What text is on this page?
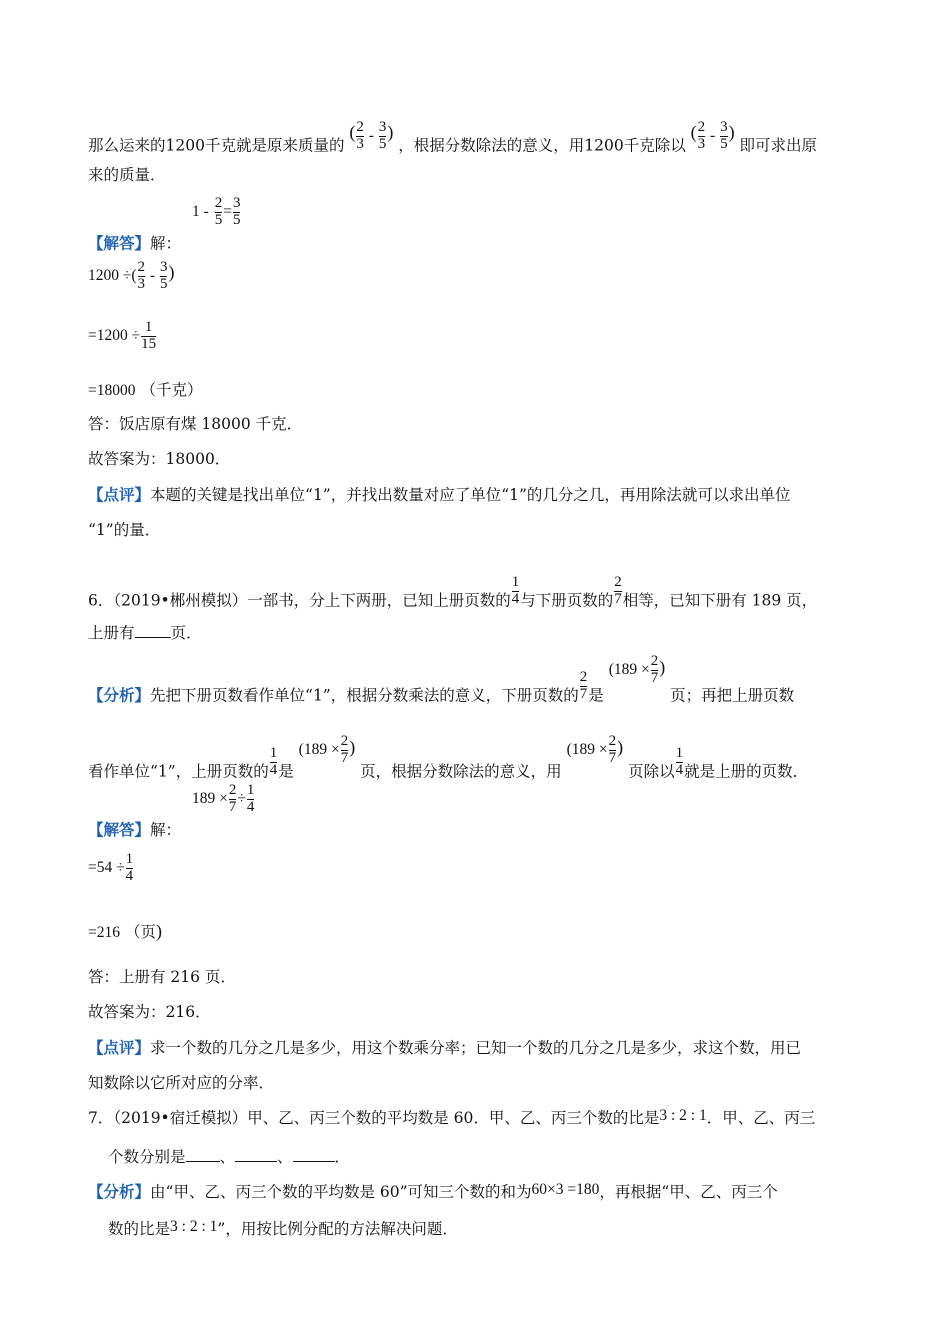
那么运来的1200千克就是原来质量的 ( $\frac{2}{3} - \frac{3}{5}$ ) ，根据分数除法的意义，用1200千克除以 ( $\frac{2}{3} - \frac{3}{5}$ ) 即可求出原
来的质量．
【解答】解： $1 - \frac{2}{5} = \frac{3}{5}$
1200 ÷( $\frac{2}{3} - \frac{3}{5}$ )
$=1200 \div \frac{1}{15}$
=18000 （千克）
答：饭店原有煤 18000 千克．
故答案为：18000．
【点评】本题的关键是找出单位“1”，并找出数量对应了单位“1”的几分之几，再用除法就可以求出单位
“1”的量．
6．（2019•郴州模拟）一部书，分上下两册，已知上册页数的 $\frac{1}{4}$ 与下册页数的 $\frac{2}{7}$ 相等，已知下册有 189 页，
上册有 页．
【分析】先把下册页数看作单位“1”，根据分数乘法的意义，下册页数的 $\frac{2}{7}$ 是 ($189 \times \frac{2}{7}$ ) 页；再把上册页数
看作单位“1”，上册页数的 $\frac{1}{4}$ 是 ($189 \times \frac{2}{7}$ ) 页，根据分数除法的意义，用 ($189 \times \frac{2}{7}$ ) 页除以 $\frac{1}{4}$ 就是上册的页数．
【解答】解： $189 \times \frac{2}{7} \div \frac{1}{4}$
$=54 \div \frac{1}{4}$
=216 （页)
答：上册有 216 页．
故答案为：216．
【点评】求一个数的几分之几是多少，用这个数乘分率；已知一个数的几分之几是多少，求这个数，用已
知数除以它所对应的分率．
7．（2019•宿迁模拟）甲、乙、丙三个数的平均数是 60．甲、乙、丙三个数的比是3 : 2 : 1．甲、乙、丙三
个数分别是 、	、	．
【分析】由“甲、乙、丙三个数的平均数是 60”可知三个数的和为60×3 =180，再根据“甲、乙、丙三个
数的比是3 : 2 : 1”，用按比例分配的方法解决问题．
